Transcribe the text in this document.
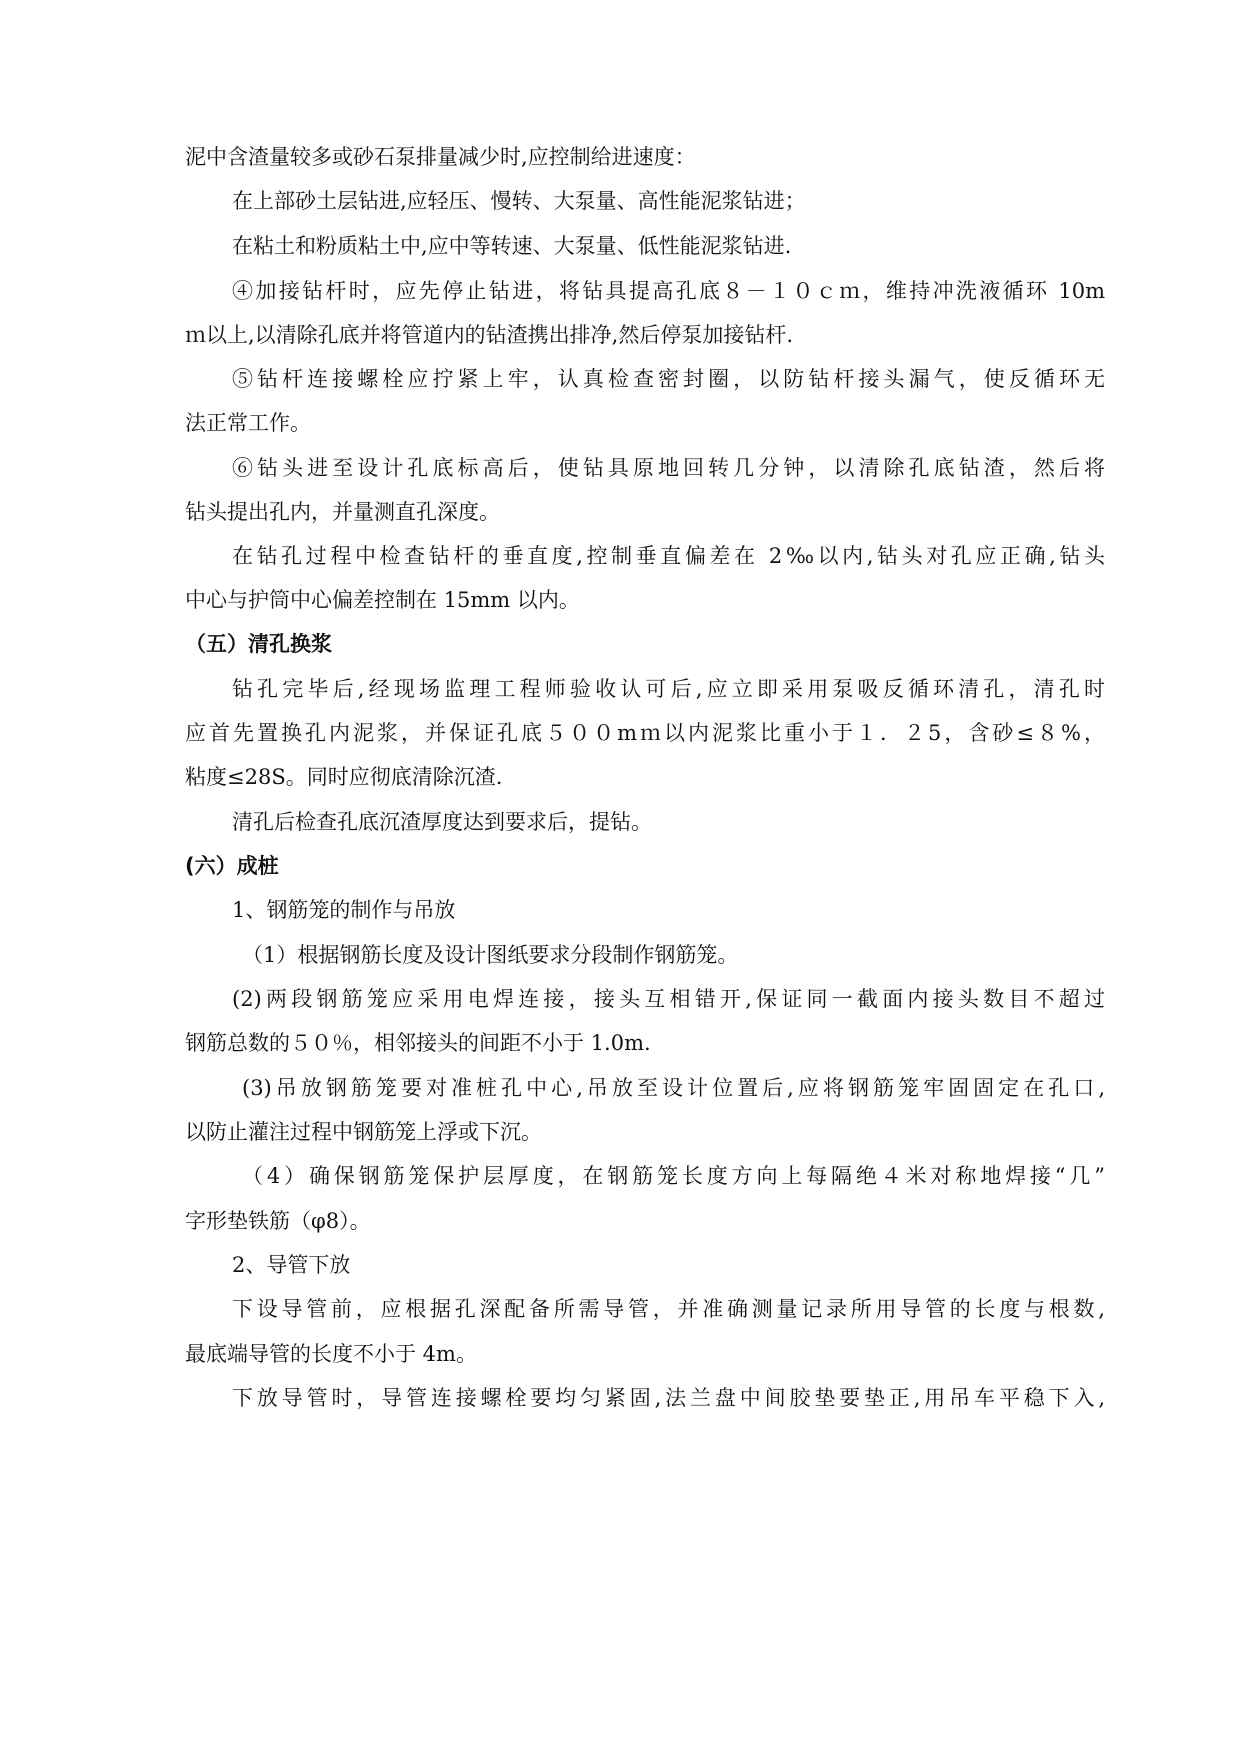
泥中含渣量较多或砂石泵排量减少时,应控制给进速度：
在上部砂土层钻进,应轻压、慢转、大泵量、高性能泥浆钻进；
在粘土和粉质粘土中,应中等转速、大泵量、低性能泥浆钻进.
④加接钻杆时，应先停止钻进，将钻具提高孔底８－１０ｃｍ，维持冲洗液循环 10m
ｍ以上,以清除孔底并将管道内的钻渣携出排净,然后停泵加接钻杆.
⑤钻杆连接螺栓应拧紧上牢，认真检查密封圈，以防钻杆接头漏气，使反循环无
法正常工作。
⑥钻头进至设计孔底标高后，使钻具原地回转几分钟，以清除孔底钻渣，然后将
钻头提出孔内，并量测直孔深度。
在钻孔过程中检查钻杆的垂直度,控制垂直偏差在 2‰以内,钻头对孔应正确,钻头
中心与护筒中心偏差控制在 15mm 以内。
（五）清孔换浆
钻孔完毕后,经现场监理工程师验收认可后,应立即采用泵吸反循环清孔，清孔时
应首先置换孔内泥浆，并保证孔底５００mｍ以内泥浆比重小于１．２5，含砂≤８%，
粘度≤28S。同时应彻底清除沉渣.
清孔后检查孔底沉渣厚度达到要求后，提钻。
(六）成桩
1、钢筋笼的制作与吊放
（1）根据钢筋长度及设计图纸要求分段制作钢筋笼。
(2)两段钢筋笼应采用电焊连接，接头互相错开,保证同一截面内接头数目不超过
钢筋总数的５０％，相邻接头的间距不小于 1.0m.
(3)吊放钢筋笼要对准桩孔中心,吊放至设计位置后,应将钢筋笼牢固固定在孔口,
以防止灌注过程中钢筋笼上浮或下沉。
（4）确保钢筋笼保护层厚度，在钢筋笼长度方向上每隔绝４米对称地焊接“几”
字形垫铁筋（φ8）。
2、导管下放
下设导管前，应根据孔深配备所需导管，并准确测量记录所用导管的长度与根数,
最底端导管的长度不小于 4m。
下放导管时，导管连接螺栓要均匀紧固,法兰盘中间胶垫要垫正,用吊车平稳下入,
